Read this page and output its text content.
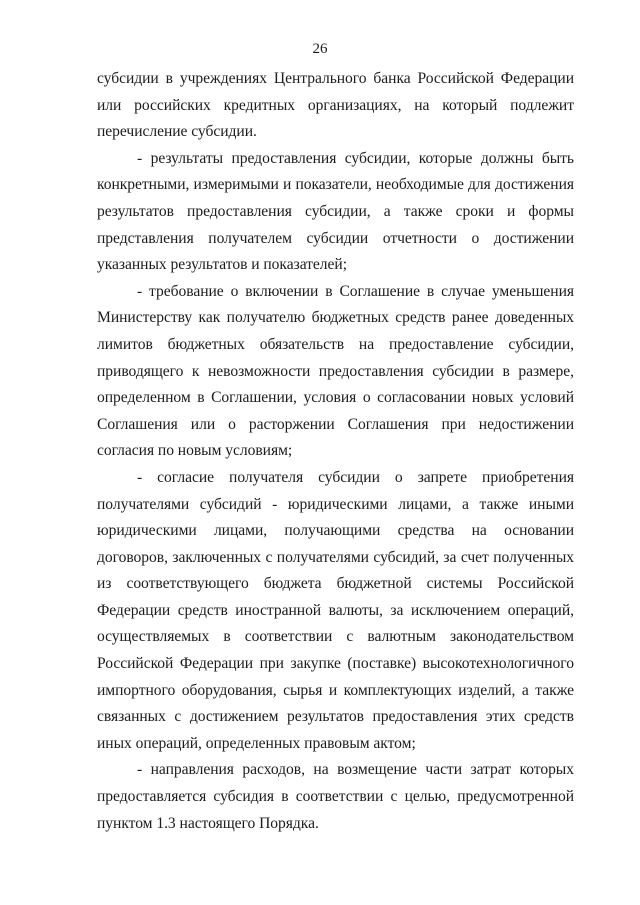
26

субсидии в учреждениях Центрального банка Российской Федерации или российских кредитных организациях, на который подлежит перечисление субсидии.

- результаты предоставления субсидии, которые должны быть конкретными, измеримыми и показатели, необходимые для достижения результатов предоставления субсидии, а также сроки и формы представления получателем субсидии отчетности о достижении указанных результатов и показателей;

- требование о включении в Соглашение в случае уменьшения Министерству как получателю бюджетных средств ранее доведенных лимитов бюджетных обязательств на предоставление субсидии, приводящего к невозможности предоставления субсидии в размере, определенном в Соглашении, условия о согласовании новых условий Соглашения или о расторжении Соглашения при недостижении согласия по новым условиям;

- согласие получателя субсидии о запрете приобретения получателями субсидий - юридическими лицами, а также иными юридическими лицами, получающими средства на основании договоров, заключенных с получателями субсидий, за счет полученных из соответствующего бюджета бюджетной системы Российской Федерации средств иностранной валюты, за исключением операций, осуществляемых в соответствии с валютным законодательством Российской Федерации при закупке (поставке) высокотехнологичного импортного оборудования, сырья и комплектующих изделий, а также связанных с достижением результатов предоставления этих средств иных операций, определенных правовым актом;

- направления расходов, на возмещение части затрат которых предоставляется субсидия в соответствии с целью, предусмотренной пунктом 1.3 настоящего Порядка.
